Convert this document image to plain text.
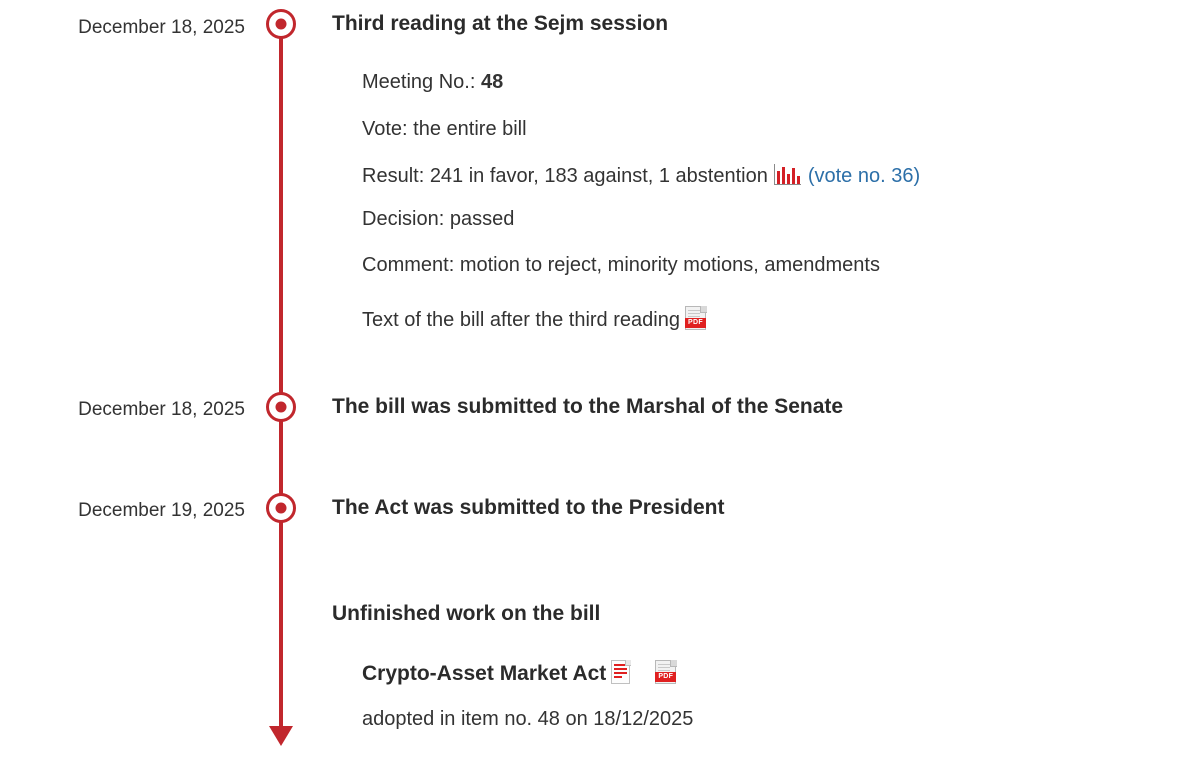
December 18, 2025	Third reading at the Sejm session
Meeting No.: 48
Vote: the entire bill
Result: 241 in favor, 183 against, 1 abstention (vote no. 36)
Decision: passed
Comment: motion to reject, minority motions, amendments
Text of the bill after the third reading	PDF
December 18, 2025	The bill was submitted to the Marshal of the Senate
December 19, 2025	The Act was submitted to the President
Unfinished work on the bill
Crypto-Asset Market Act	PDF
adopted in item no. 48 on 18/12/2025
